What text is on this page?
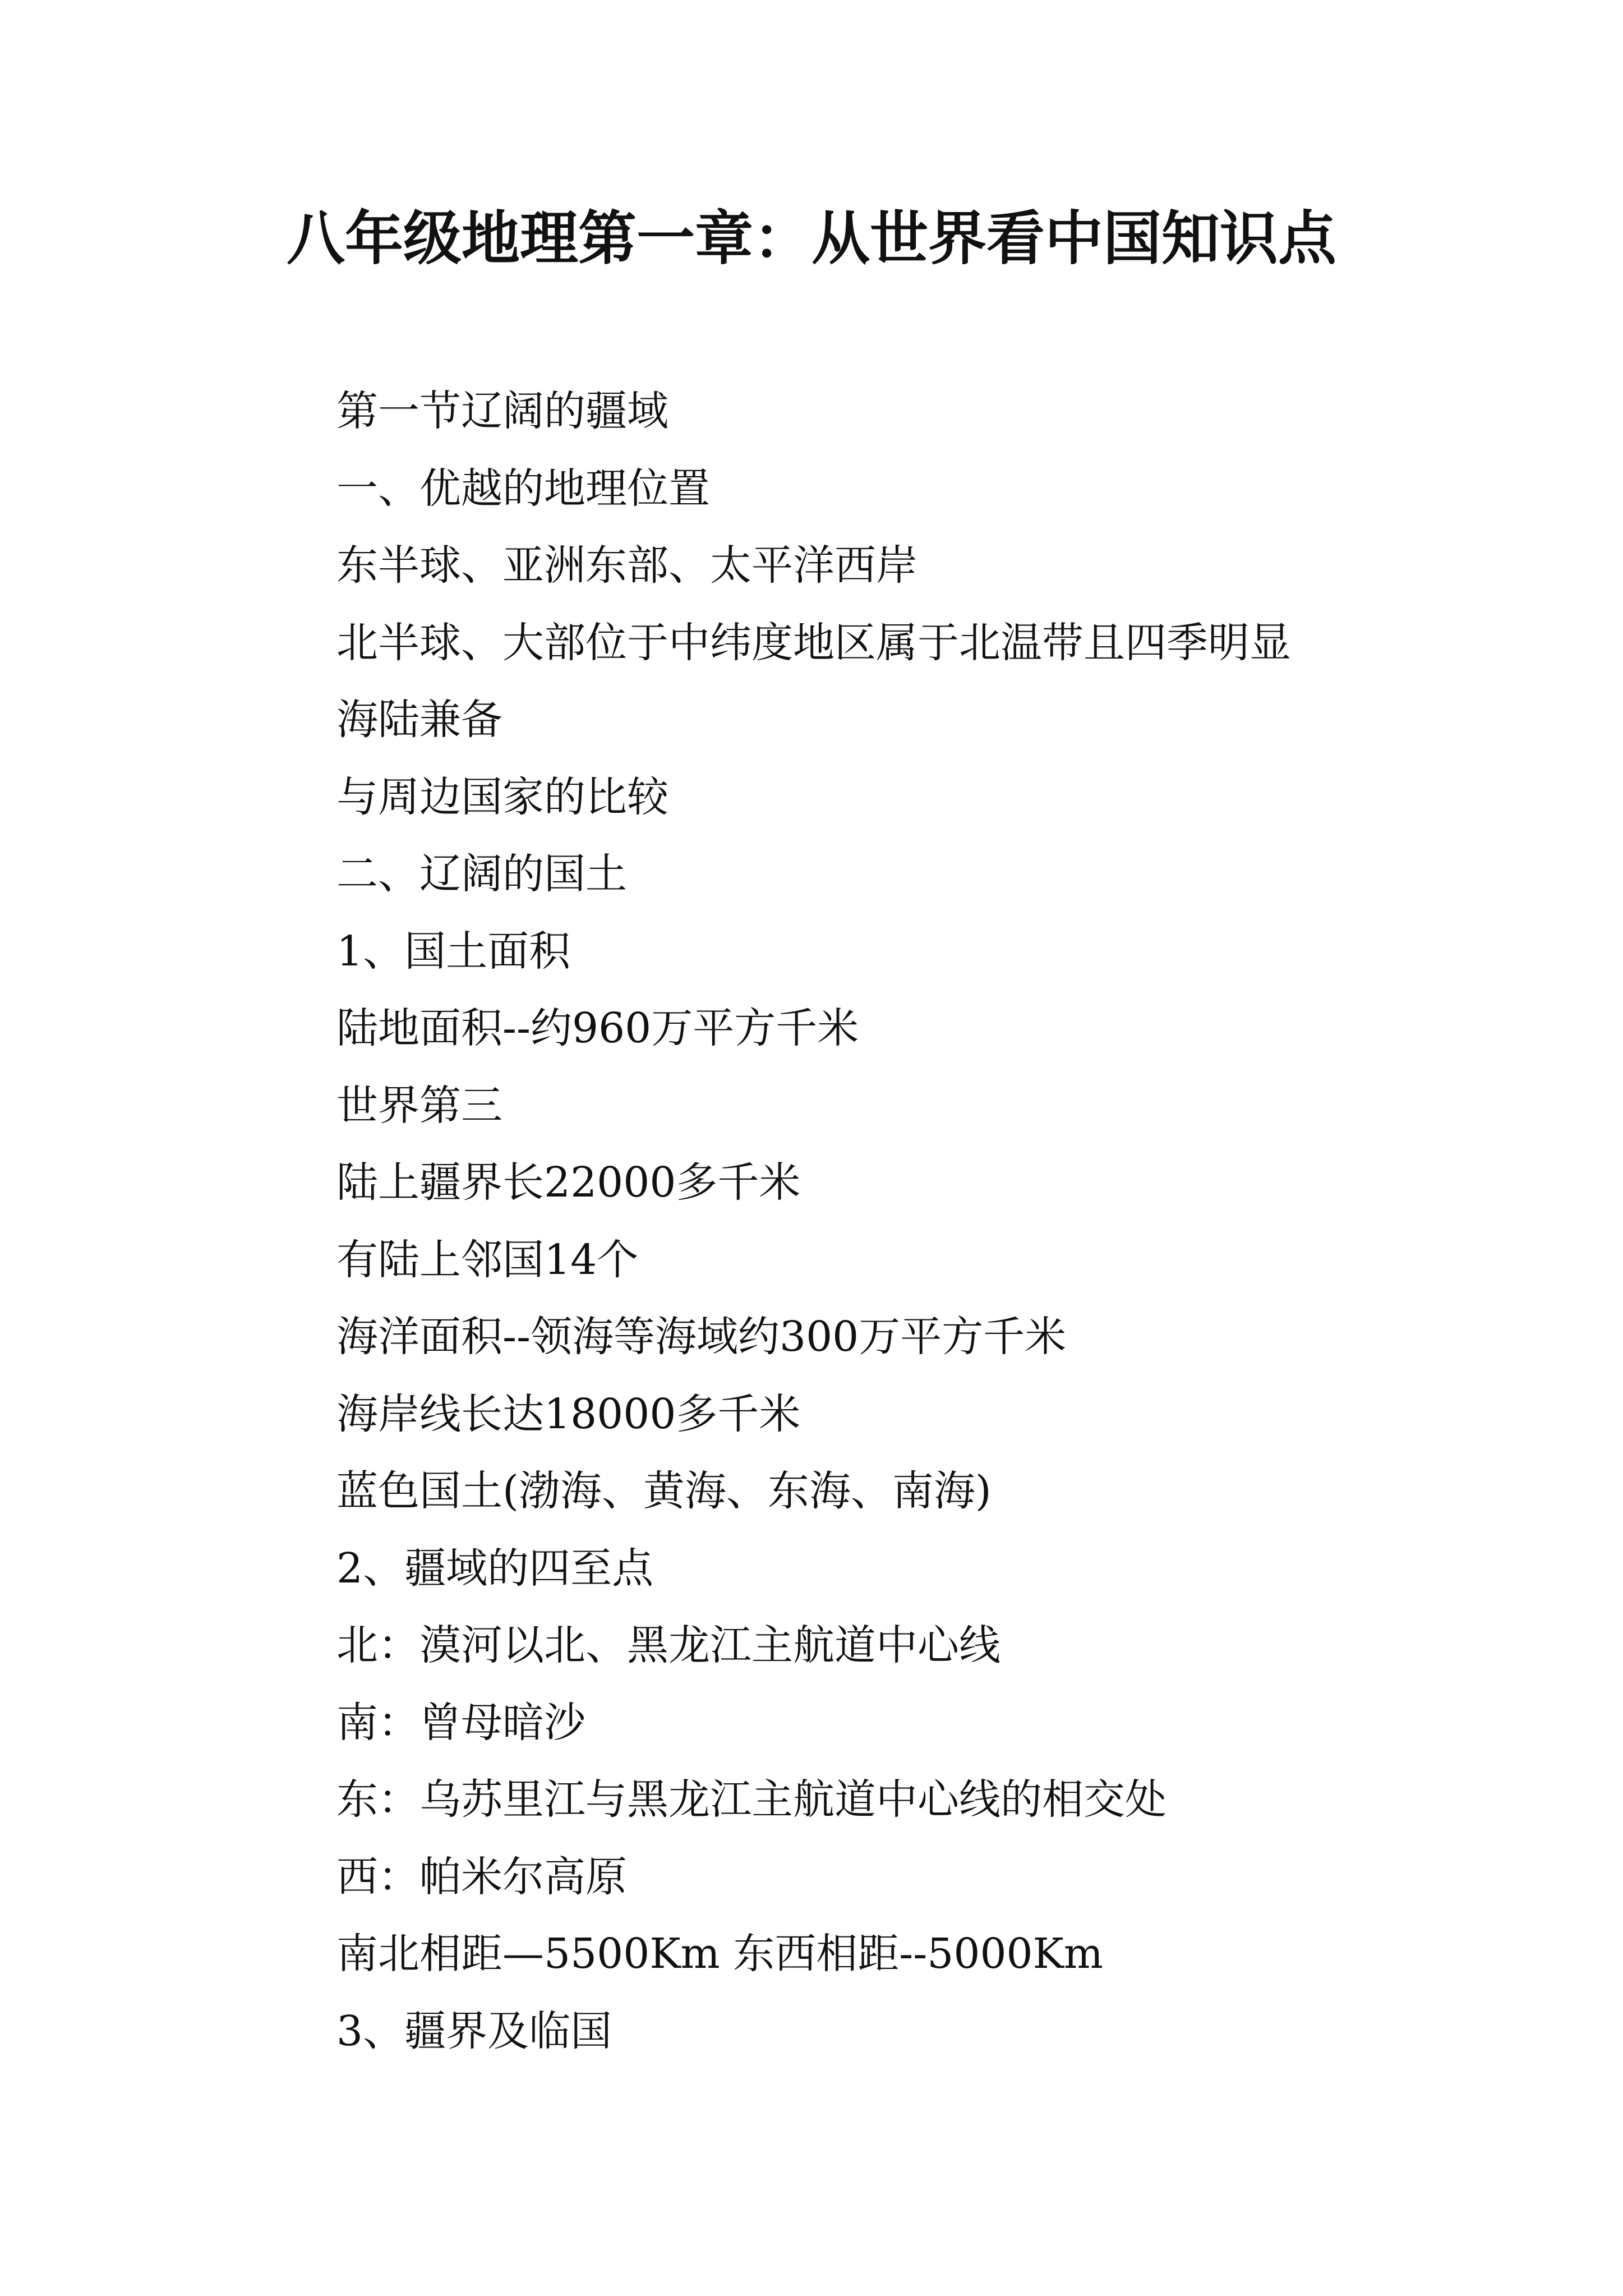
八年级地理第一章：从世界看中国知识点
第一节辽阔的疆域
一、优越的地理位置
东半球、亚洲东部、太平洋西岸
北半球、大部位于中纬度地区属于北温带且四季明显
海陆兼备
与周边国家的比较
二、辽阔的国土
1、国土面积
陆地面积--约960万平方千米
世界第三
陆上疆界长22000多千米
有陆上邻国14个
海洋面积--领海等海域约300万平方千米
海岸线长达18000多千米
蓝色国土(渤海、黄海、东海、南海)
2、疆域的四至点
北：漠河以北、黑龙江主航道中心线
南：曾母暗沙
东：乌苏里江与黑龙江主航道中心线的相交处
西：帕米尔高原
南北相距—5500Km 东西相距--5000Km
3、疆界及临国
